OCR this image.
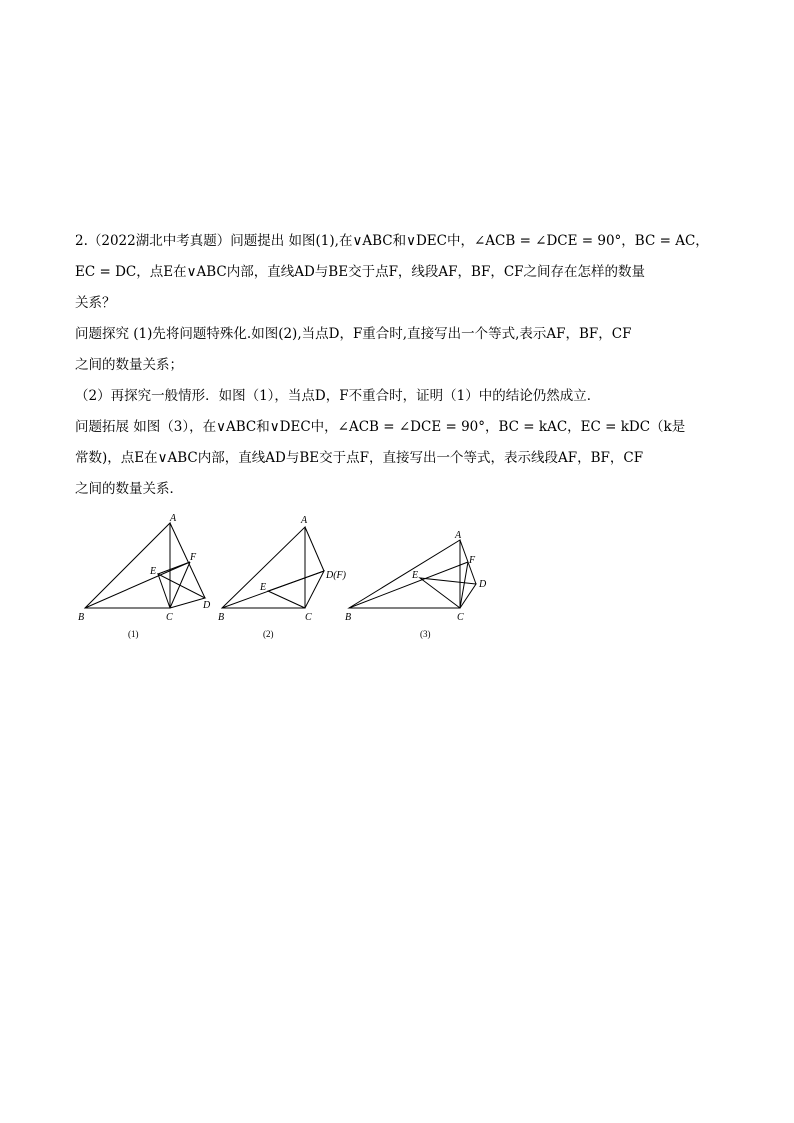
2.（2022湖北中考真题）问题提出 如图(1),在∨ABC和∨DEC中，∠ACB = ∠DCE = 90°，BC = AC，
EC = DC，点E在∨ABC内部，直线AD与BE交于点F，线段AF，BF，CF之间存在怎样的数量
关系？
问题探究 (1)先将问题特殊化.如图(2),当点D，F重合时,直接写出一个等式,表示AF，BF，CF
之间的数量关系；
（2）再探究一般情形．如图（1），当点D，F不重合时，证明（1）中的结论仍然成立．
问题拓展 如图（3），在∨ABC和∨DEC中，∠ACB = ∠DCE = 90°，BC = kAC，EC = kDC（k是
常数)，点E在∨ABC内部，直线AD与BE交于点F，直接写出一个等式，表示线段AF，BF，CF
之间的数量关系．
A
B	C
D
E
F
A
B	C
D(F)
E
A
B	C
D
E
F
(1)	(2)	(3)
